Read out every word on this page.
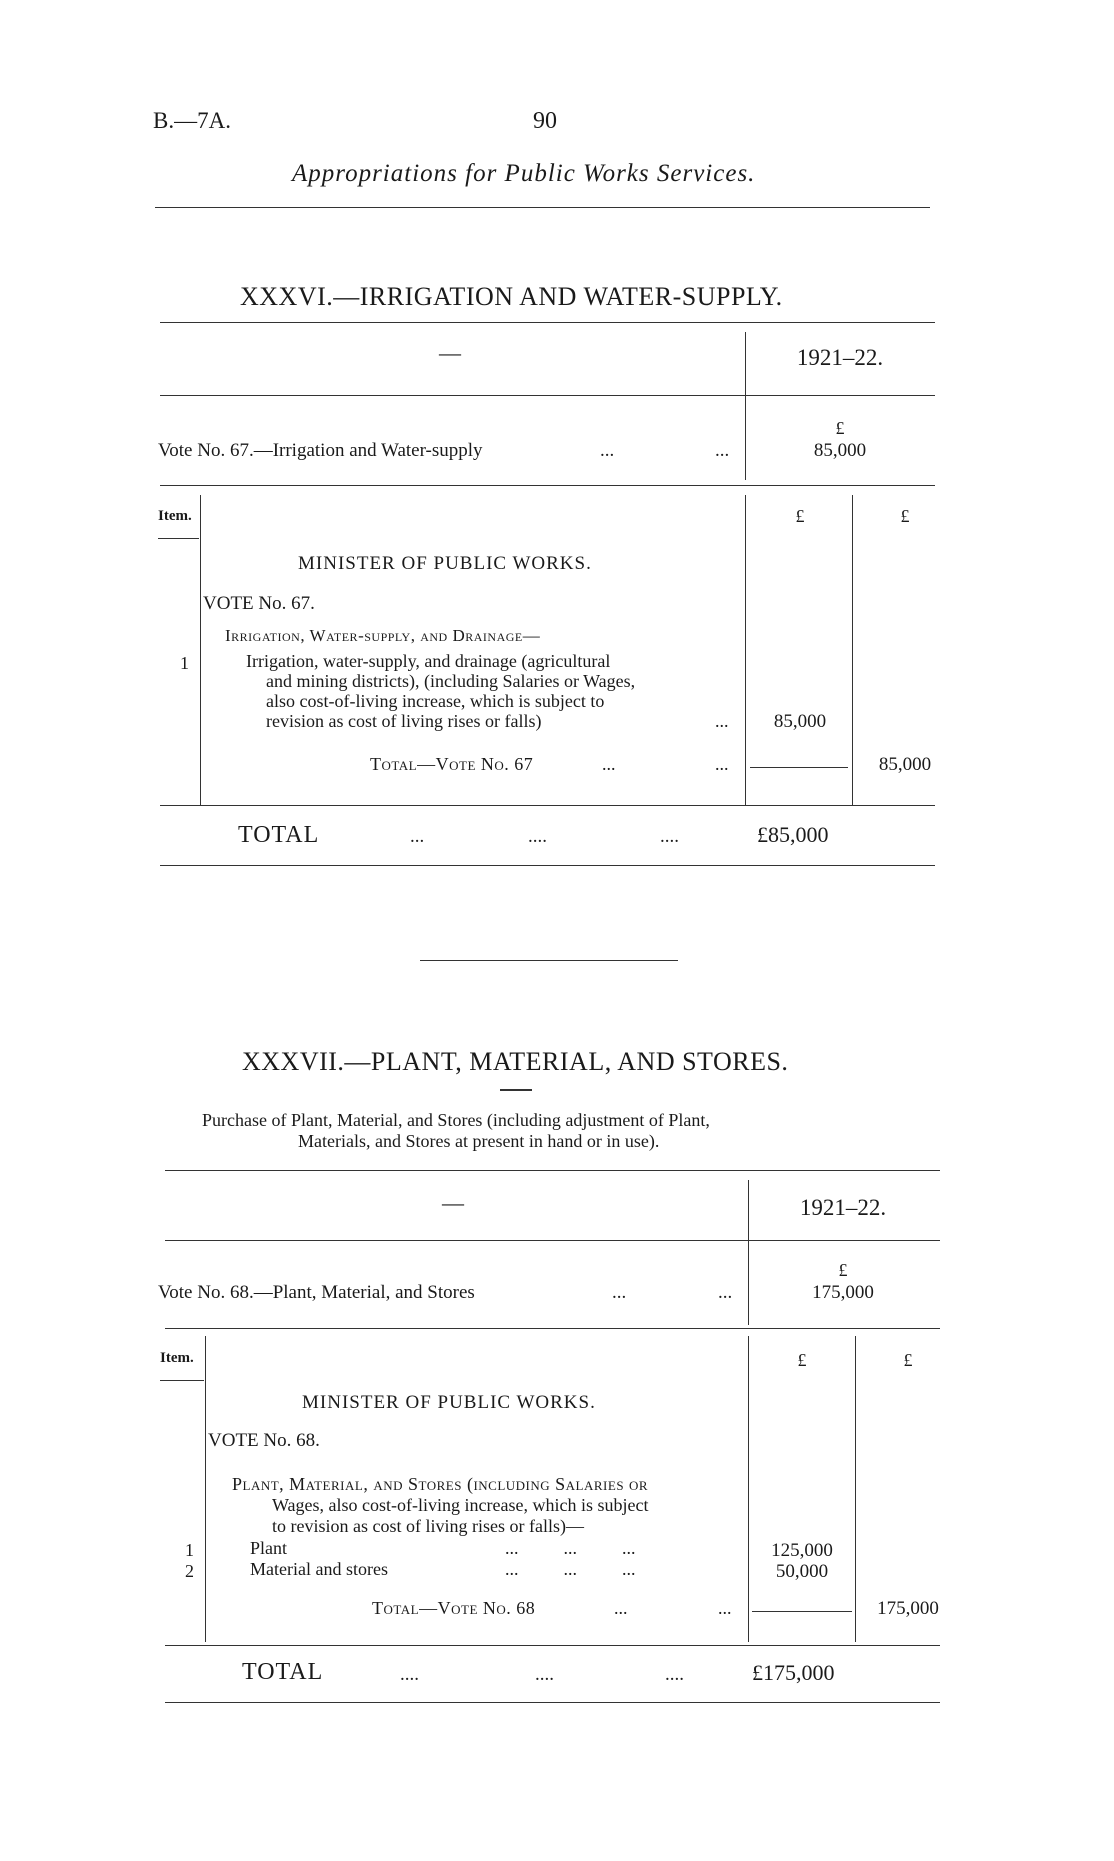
B.—7A.	90
Appropriations for Public Works Services.
XXXVI.—IRRIGATION AND WATER-SUPPLY.
—	1921–22.
Vote No. 67.—Irrigation and Water-supply	...	...
£
85,000
Item.	£	£
MINISTER OF PUBLIC WORKS.
VOTE No. 67.
Irrigation, Water-supply, and Drainage—
1	Irrigation, water-supply, and drainage (agricultural
and mining districts), (including Salaries or Wages,
also cost-of-living increase, which is subject to
revision as cost of living rises or falls)	...	85,000
Total—Vote No. 67	...	...	85,000
TOTAL	...	....	....	£85,000
XXXVII.—PLANT, MATERIAL, AND STORES.
Purchase of Plant, Material, and Stores (including adjustment of Plant,
Materials, and Stores at present in hand or in use).
—	1921–22.
Vote No. 68.—Plant, Material, and Stores	...	...
£
175,000
Item.	£	£
MINISTER OF PUBLIC WORKS.
VOTE No. 68.
Plant, Material, and Stores (including Salaries or
Wages, also cost-of-living increase, which is subject
to revision as cost of living rises or falls)—
1	Plant	...          ...          ...	125,000
2	Material and stores	...          ...          ...	50,000
Total—Vote No. 68	...	...	175,000
TOTAL	....	....	....	£175,000
